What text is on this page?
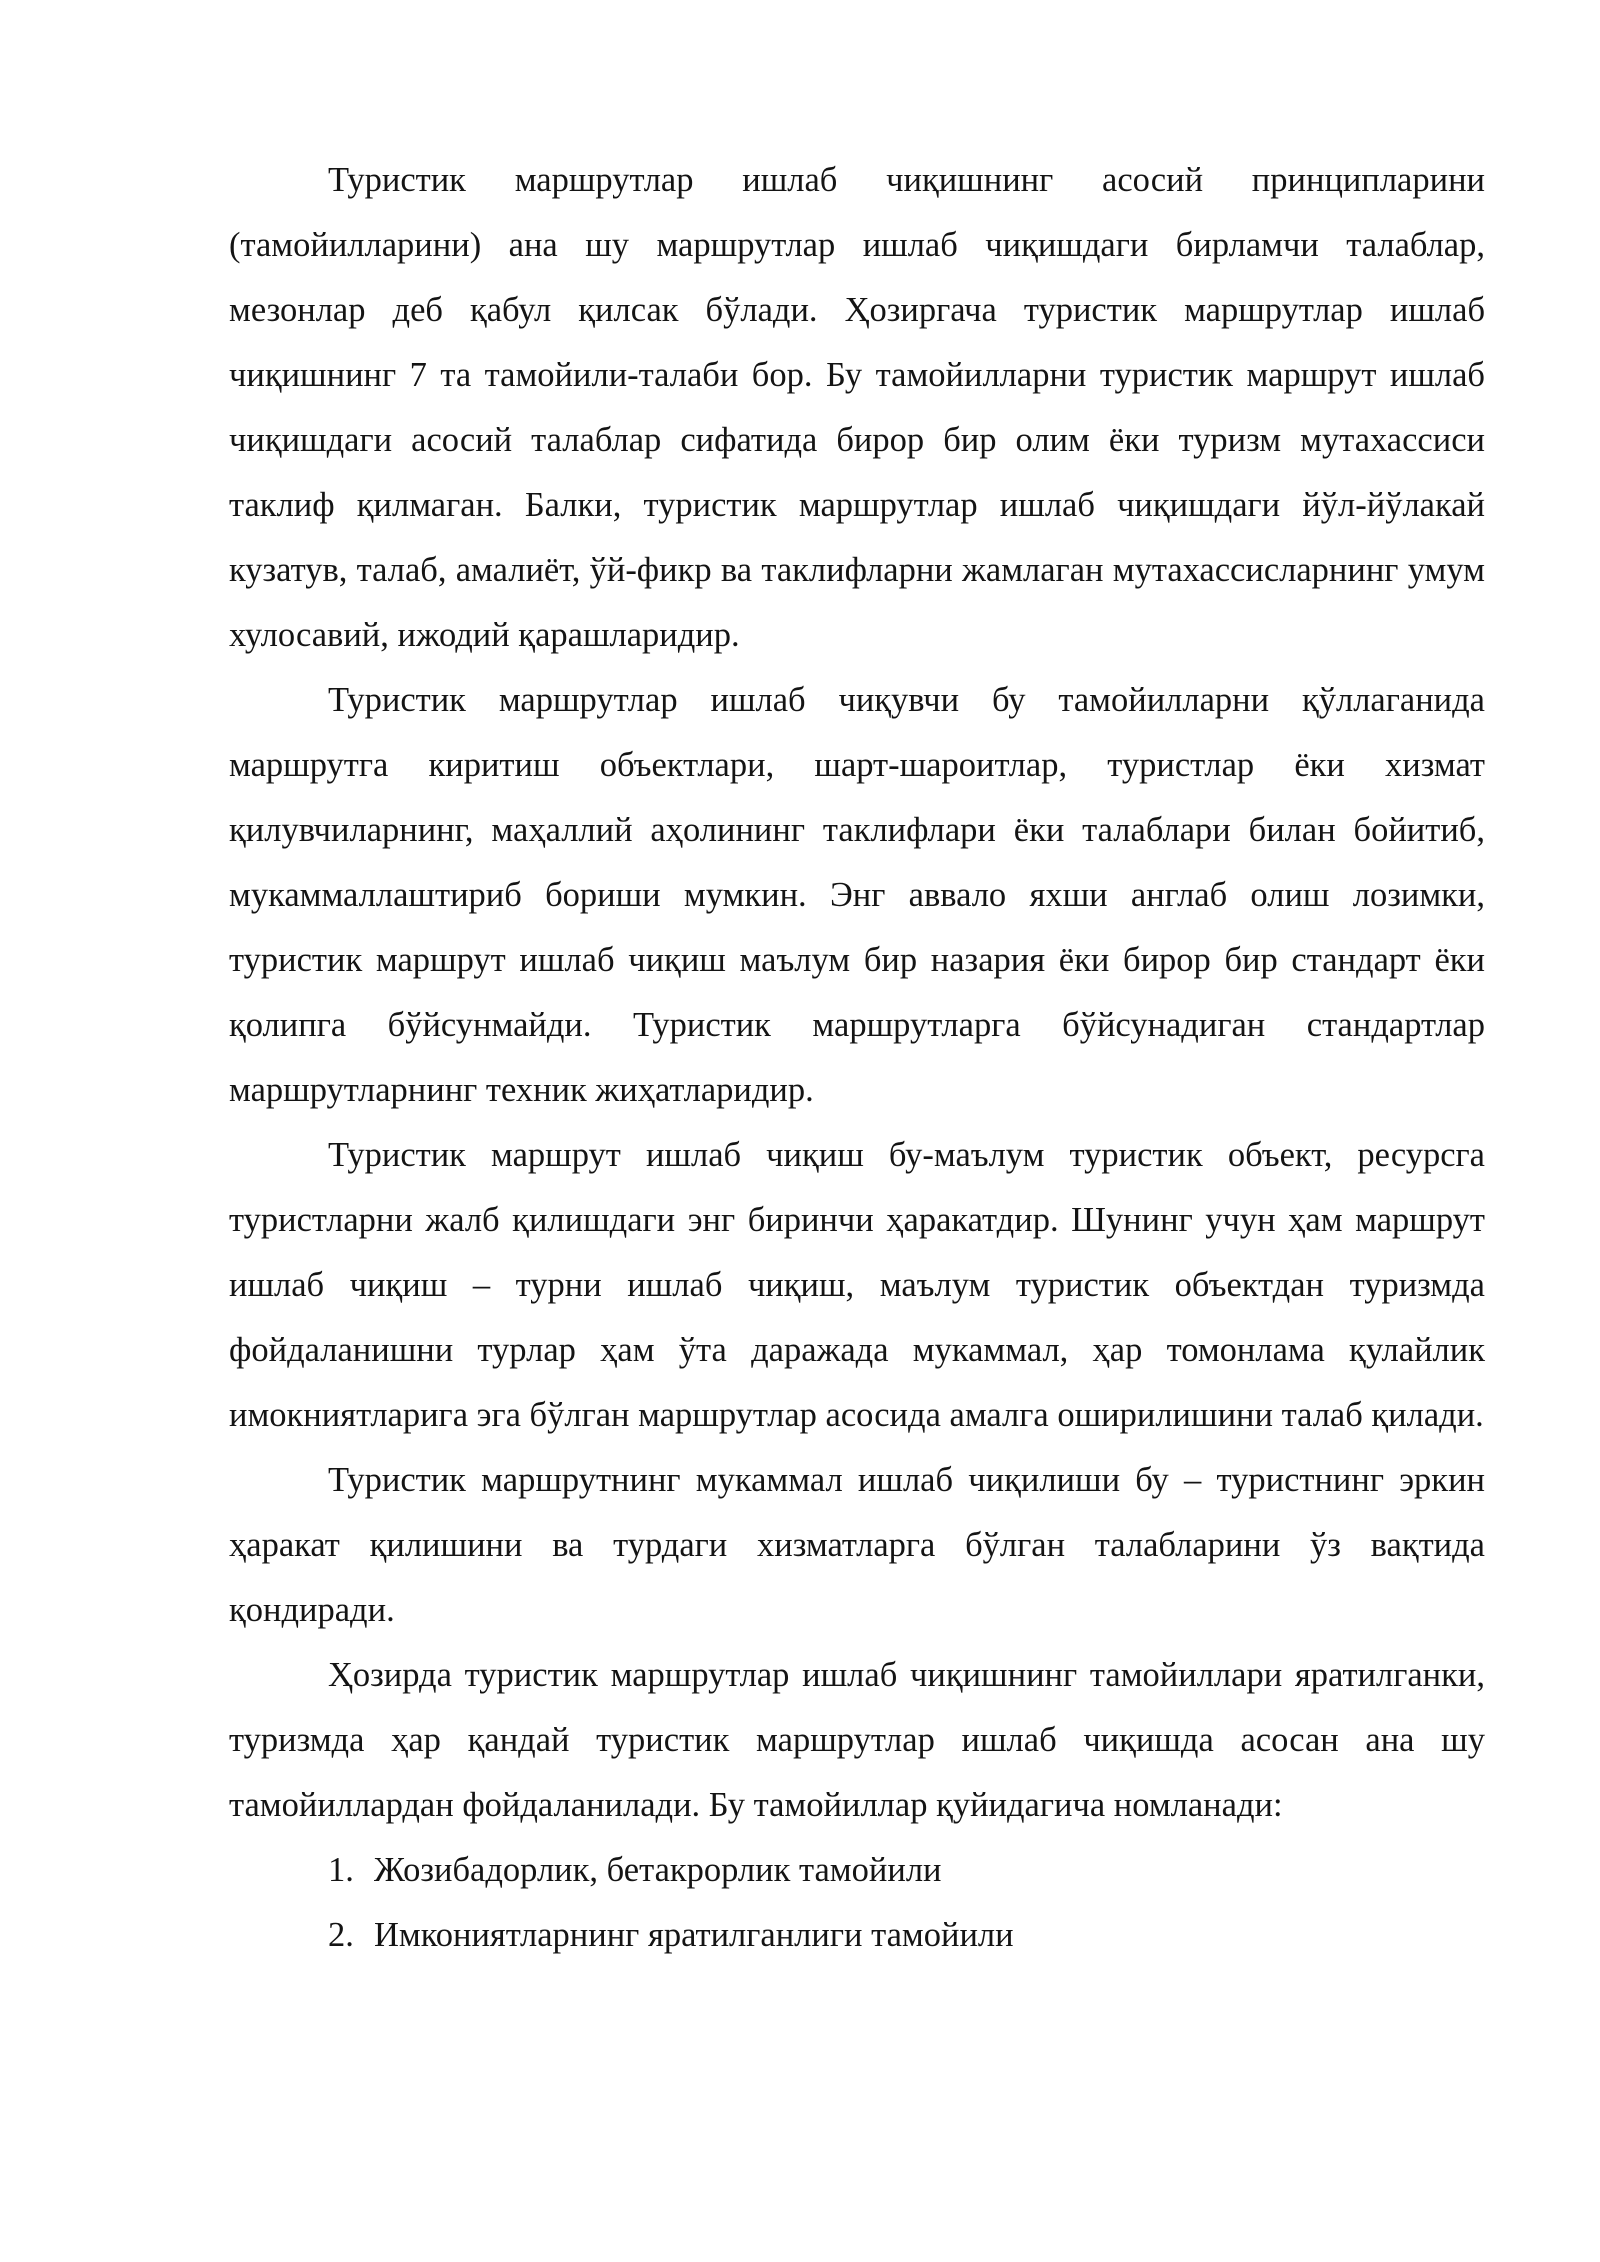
Туристик маршрутлар ишлаб чиқишнинг асосий принципларини (тамойилларини) ана шу маршрутлар ишлаб чиқишдаги бирламчи талаблар, мезонлар деб қабул қилсак бўлади. Ҳозиргача туристик маршрутлар ишлаб чиқишнинг 7 та тамойили-талаби бор. Бу тамойилларни туристик маршрут ишлаб чиқишдаги асосий талаблар сифатида бирор бир олим ёки туризм мутахассиси таклиф қилмаган. Балки, туристик маршрутлар ишлаб чиқишдаги йўл-йўлакай кузатув, талаб, амалиёт, ўй-фикр ва таклифларни жамлаган мутахассисларнинг умум хулосавий, ижодий қарашларидир.

Туристик маршрутлар ишлаб чиқувчи бу тамойилларни қўллаганида маршрутга киритиш объектлари, шарт-шароитлар, туристлар ёки хизмат қилувчиларнинг, маҳаллий аҳолининг таклифлари ёки талаблари билан бойитиб, мукаммаллаштириб бориши мумкин. Энг аввало яхши англаб олиш лозимки, туристик маршрут ишлаб чиқиш маълум бир назария ёки бирор бир стандарт ёки қолипга бўйсунмайди. Туристик маршрутларга бўйсунадиган стандартлар маршрутларнинг техник жиҳатларидир.

Туристик маршрут ишлаб чиқиш бу-маълум туристик объект, ресурсга туристларни жалб қилишдаги энг биринчи ҳаракатдир. Шунинг учун ҳам маршрут ишлаб чиқиш – турни ишлаб чиқиш, маълум туристик объектдан туризмда фойдаланишни турлар ҳам ўта даражада мукаммал, ҳар томонлама қулайлик имокниятларига эга бўлган маршрутлар асосида амалга оширилишини талаб қилади.

Туристик маршрутнинг мукаммал ишлаб чиқилиши бу – туристнинг эркин ҳаракат қилишини ва турдаги хизматларга бўлган талабларини ўз вақтида қондиради.

Ҳозирда туристик маршрутлар ишлаб чиқишнинг тамойиллари яратилганки, туризмда ҳар қандай туристик маршрутлар ишлаб чиқишда асосан ана шу тамойиллардан фойдаланилади. Бу тамойиллар қуйидагича номланади:

1. Жозибадорлик, бетакрорлик тамойили
2. Имкониятларнинг яратилганлиги тамойили
